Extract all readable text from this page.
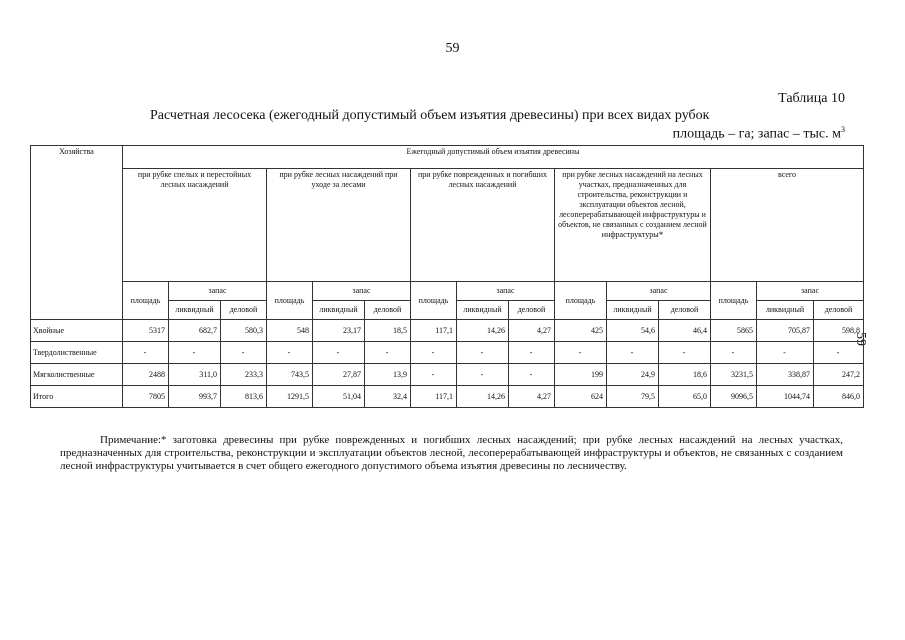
59
59
Таблица 10
Расчетная лесосека (ежегодный допустимый объем изъятия древесины) при всех видах рубок
площадь – га; запас – тыс. $м^3$
Хозяйства	Ежегодный допустимый объем изъятия древесины														
	при рубке спелых и перестойных лесных насаждений			при рубке лесных насаждений при уходе за лесами			при рубке поврежденных и погибших лесных насаждений			при рубке лесных насаждений на лесных участках, предназначенных для строительства, реконструкции и эксплуатации объектов лесной, лесоперерабатывающей инфраструктуры и объектов, не связанных с созданием лесной инфраструктуры*			всего		
	площадь	запас		площадь	запас		площадь	запас		площадь	запас		площадь	запас	
		ликвидный	деловой		ликвидный	деловой		ликвидный	деловой		ликвидный	деловой		ликвидный	деловой
Хвойные	5317	682,7	580,3	548	23,17	18,5	117,1	14,26	4,27	425	54,6	46,4	5865	705,87	598,8
Твердолиственные	-	-	-	-	-	-	-	-	-	-	-	-	-	-	-
Мягколиственные	2488	311,0	233,3	743,5	27,87	13,9	-	-	-	199	24,9	18,6	3231,5	338,87	247,2
Итого	7805	993,7	813,6	1291,5	51,04	32,4	117,1	14,26	4,27	624	79,5	65,0	9096,5	1044,74	846,0
Примечание:* заготовка древесины при рубке поврежденных и погибших лесных насаждений; при рубке лесных насаждений на лесных участках, предназначенных для строительства, реконструкции и эксплуатации объектов лесной, лесоперерабатывающей инфраструктуры и объектов, не связанных с созданием лесной инфраструктуры учитывается в счет общего ежегодного допустимого объема изъятия древесины по лесничеству.
